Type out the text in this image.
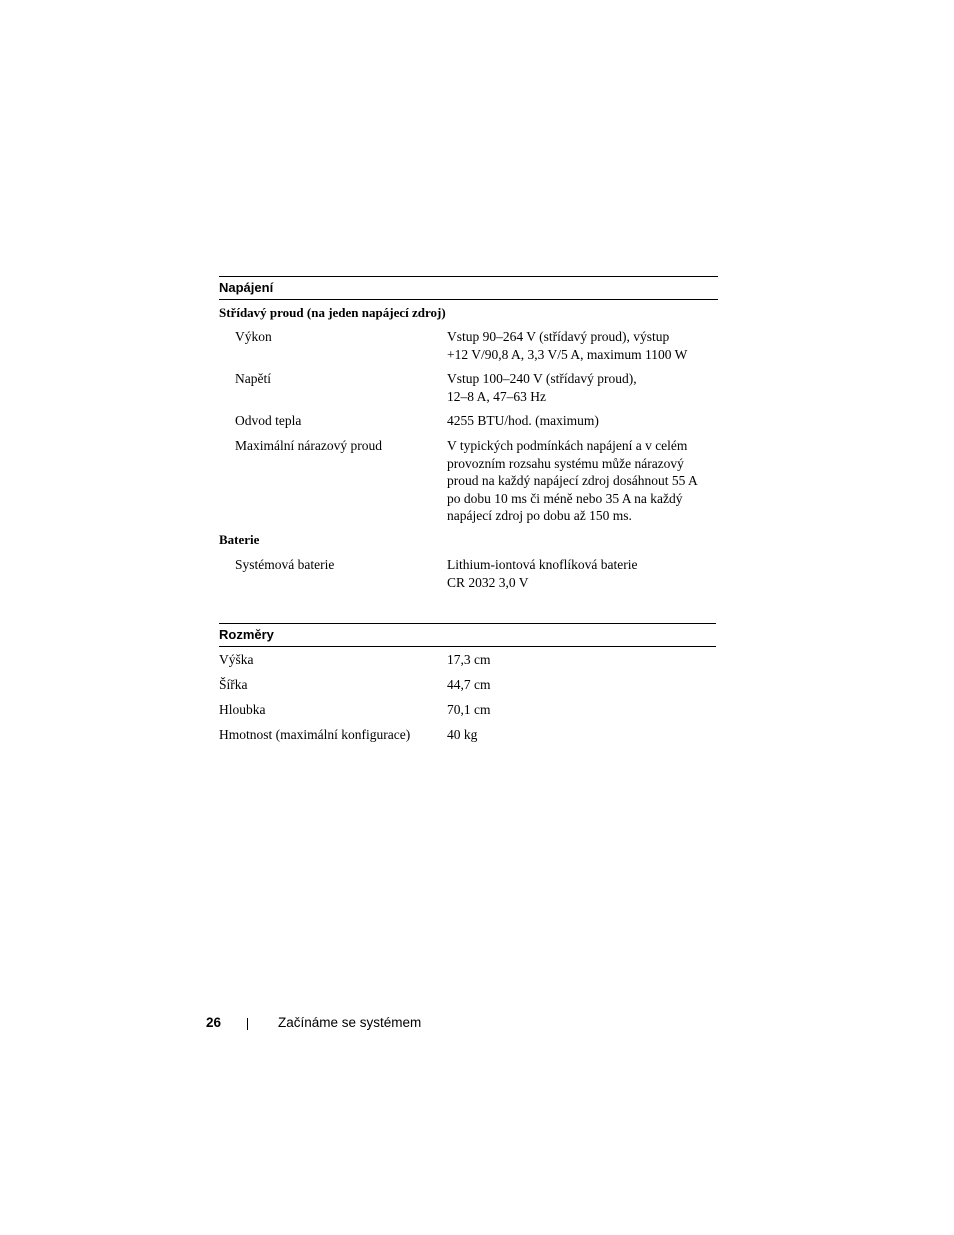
Napájení
Střídavý proud (na jeden napájecí zdroj)
Výkon	Vstup 90–264 V (střídavý proud), výstup
+12 V/90,8 A, 3,3 V/5 A, maximum 1100 W
Napětí	Vstup 100–240 V (střídavý proud),
12–8 A, 47–63 Hz
Odvod tepla	4255 BTU/hod. (maximum)
Maximální nárazový proud	V typických podmínkách napájení a v celém
provozním rozsahu systému může nárazový
proud na každý napájecí zdroj dosáhnout 55 A
po dobu 10 ms či méně nebo 35 A na každý
napájecí zdroj po dobu až 150 ms.
Baterie
Systémová baterie	Lithium-iontová knoflíková baterie
CR 2032 3,0 V
Rozměry
Výška	17,3 cm
Šířka	44,7 cm
Hloubka	70,1 cm
Hmotnost (maximální konfigurace)	40 kg
26	Začínáme se systémem
